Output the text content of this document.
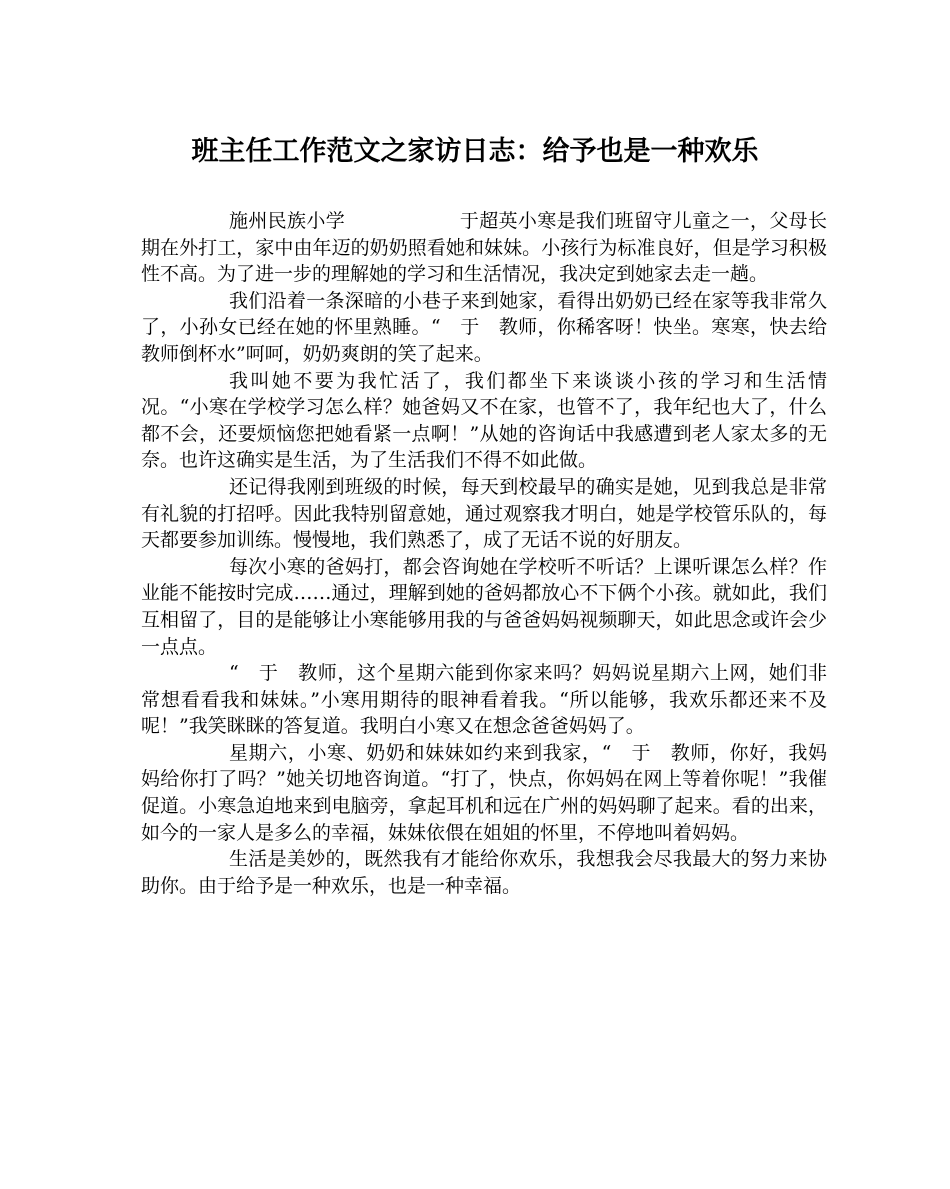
班主任工作范文之家访日志：给予也是一种欢乐

施州民族小学                  于超英小寒是我们班留守儿童之一，父母长期在外打工，家中由年迈的奶奶照看她和妹妹。小孩行为标准良好，但是学习积极性不高。为了进一步的理解她的学习和生活情况，我决定到她家去走一趟。

我们沿着一条深暗的小巷子来到她家，看得出奶奶已经在家等我非常久了，小孙女已经在她的怀里熟睡。“　于　教师，你稀客呀！快坐。寒寒，快去给教师倒杯水”呵呵，奶奶爽朗的笑了起来。

我叫她不要为我忙活了，我们都坐下来谈谈小孩的学习和生活情况。“小寒在学校学习怎么样？她爸妈又不在家，也管不了，我年纪也大了，什么都不会，还要烦恼您把她看紧一点啊！”从她的咨询话中我感遭到老人家太多的无奈。也许这确实是生活，为了生活我们不得不如此做。

还记得我刚到班级的时候，每天到校最早的确实是她，见到我总是非常有礼貌的打招呼。因此我特别留意她，通过观察我才明白，她是学校管乐队的，每天都要参加训练。慢慢地，我们熟悉了，成了无话不说的好朋友。

每次小寒的爸妈打，都会咨询她在学校听不听话？上课听课怎么样？作业能不能按时完成……通过，理解到她的爸妈都放心不下俩个小孩。就如此，我们互相留了，目的是能够让小寒能够用我的与爸爸妈妈视频聊天，如此思念或许会少一点点。

“　于　教师，这个星期六能到你家来吗？妈妈说星期六上网，她们非常想看看我和妹妹。”小寒用期待的眼神看着我。“所以能够，我欢乐都还来不及呢！”我笑眯眯的答复道。我明白小寒又在想念爸爸妈妈了。

星期六，小寒、奶奶和妹妹如约来到我家，“　于　教师，你好，我妈妈给你打了吗？”她关切地咨询道。“打了，快点，你妈妈在网上等着你呢！”我催促道。小寒急迫地来到电脑旁，拿起耳机和远在广州的妈妈聊了起来。看的出来，如今的一家人是多么的幸福，妹妹依偎在姐姐的怀里，不停地叫着妈妈。

生活是美妙的，既然我有才能给你欢乐，我想我会尽我最大的努力来协助你。由于给予是一种欢乐，也是一种幸福。
